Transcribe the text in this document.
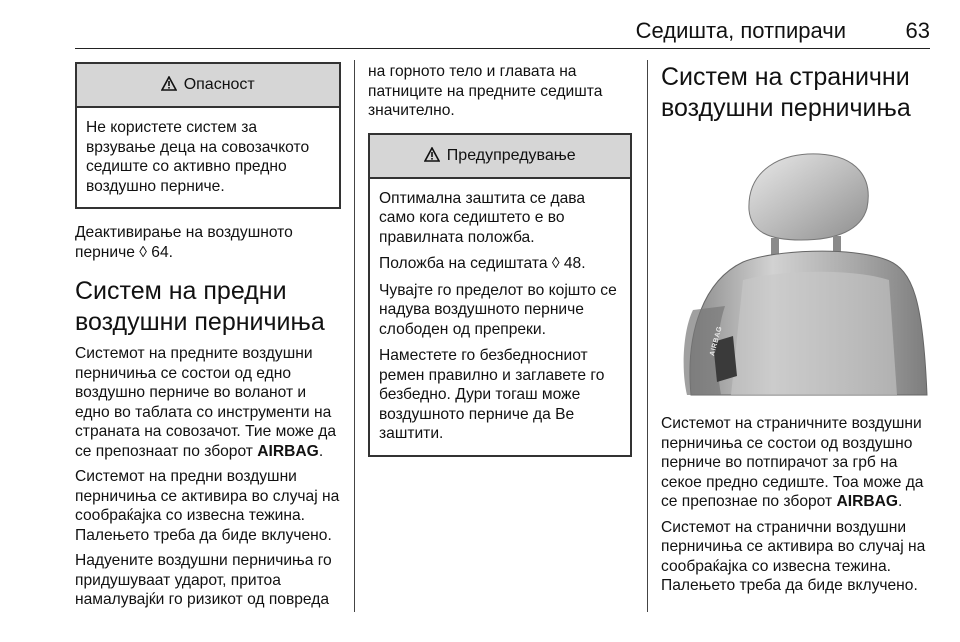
Седишта, потпирачи	63
Опасност

Не користете систем за врзување деца на совозачкото седиште со активно предно воздушно перниче.

Деактивирање на воздушното перниче ◊ 64.

Систем на предни воздушни перничиња

Системот на предните воздушни перничиња се состои од едно воздушно перниче во воланот и едно во таблата со инструменти на страната на совозачот. Тие може да се препознаат по зборот AIRBAG.

Системот на предни воздушни перничиња се активира во случај на сообраќајка со извесна тежина. Палењето треба да биде вклучено.

Надуените воздушни перничиња го придушуваат ударот, притоа намалувајќи го ризикот од повреда

на горното тело и главата на патниците на предните седишта значително.

Предупредување

Оптимална заштита се дава само кога седиштето е во правилната положба.

Положба на седиштата ◊ 48.

Чувајте го пределот во којшто се надува воздушното перниче слободен од препреки.

Наместете го безбедносниот ремен правилно и заглавете го безбедно. Дури тогаш може воздушното перниче да Ве заштити.

Систем на странични воздушни перничиња
AIRBAG

Системот на страничните воздушни перничиња се состои од воздушно перниче во потпирачот за грб на секое предно седиште. Тоа може да се препознае по зборот AIRBAG.

Системот на странични воздушни перничиња се активира во случај на сообраќајка со извесна тежина. Палењето треба да биде вклучено.
